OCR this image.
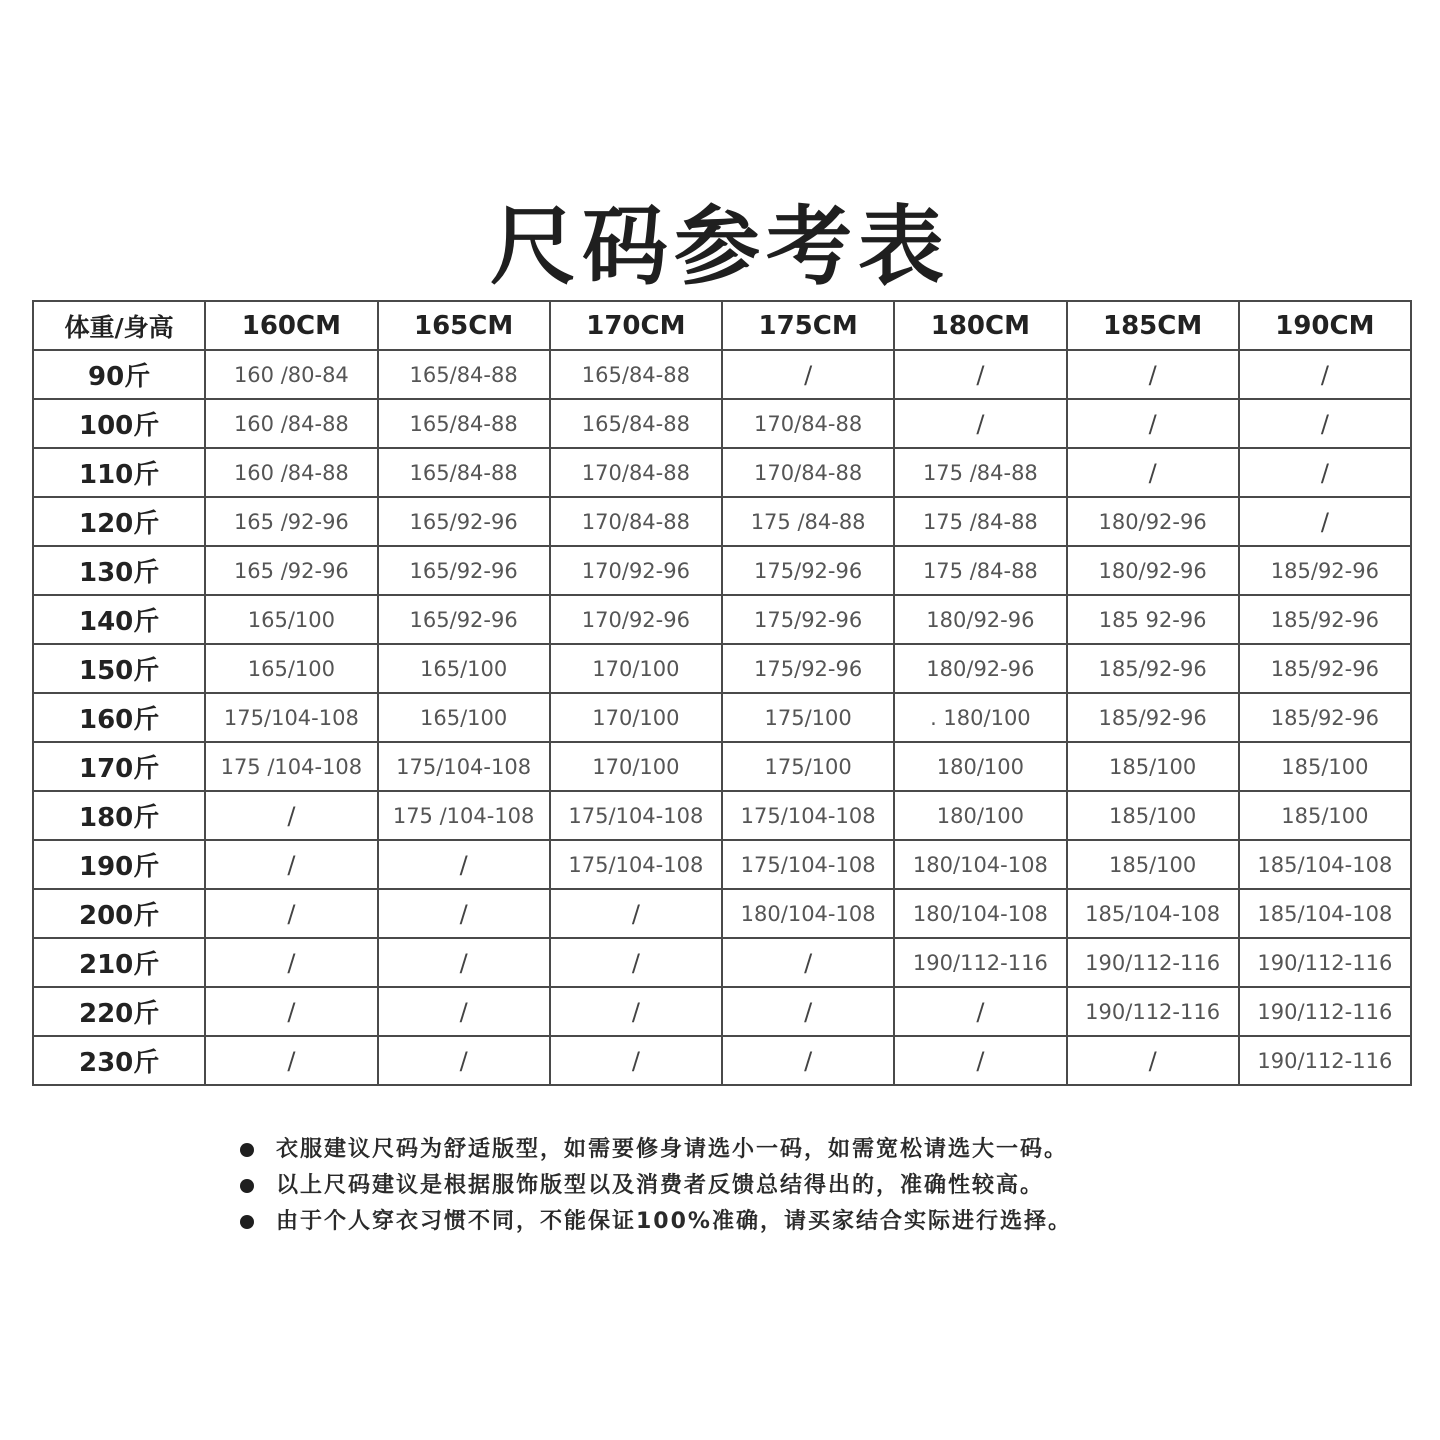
尺码参考表
体重/身高	160CM	165CM	170CM	175CM	180CM	185CM	190CM
90斤	160 /80-84	165/84-88	165/84-88	/	/	/	/
100斤	160 /84-88	165/84-88	165/84-88	170/84-88	/	/	/
110斤	160 /84-88	165/84-88	170/84-88	170/84-88	175 /84-88	/	/
120斤	165 /92-96	165/92-96	170/84-88	175 /84-88	175 /84-88	180/92-96	/
130斤	165 /92-96	165/92-96	170/92-96	175/92-96	175 /84-88	180/92-96	185/92-96
140斤	165/100	165/92-96	170/92-96	175/92-96	180/92-96	185 92-96	185/92-96
150斤	165/100	165/100	170/100	175/92-96	180/92-96	185/92-96	185/92-96
160斤	175/104-108	165/100	170/100	175/100	. 180/100	185/92-96	185/92-96
170斤	175 /104-108	175/104-108	170/100	175/100	180/100	185/100	185/100
180斤	/	175 /104-108	175/104-108	175/104-108	180/100	185/100	185/100
190斤	/	/	175/104-108	175/104-108	180/104-108	185/100	185/104-108
200斤	/	/	/	180/104-108	180/104-108	185/104-108	185/104-108
210斤	/	/	/	/	190/112-116	190/112-116	190/112-116
220斤	/	/	/	/	/	190/112-116	190/112-116
230斤	/	/	/	/	/	/	190/112-116
衣服建议尺码为舒适版型，如需要修身请选小一码，如需宽松请选大一码。
以上尺码建议是根据服饰版型以及消费者反馈总结得出的，准确性较高。
由于个人穿衣习惯不同，不能保证100%准确，请买家结合实际进行选择。
